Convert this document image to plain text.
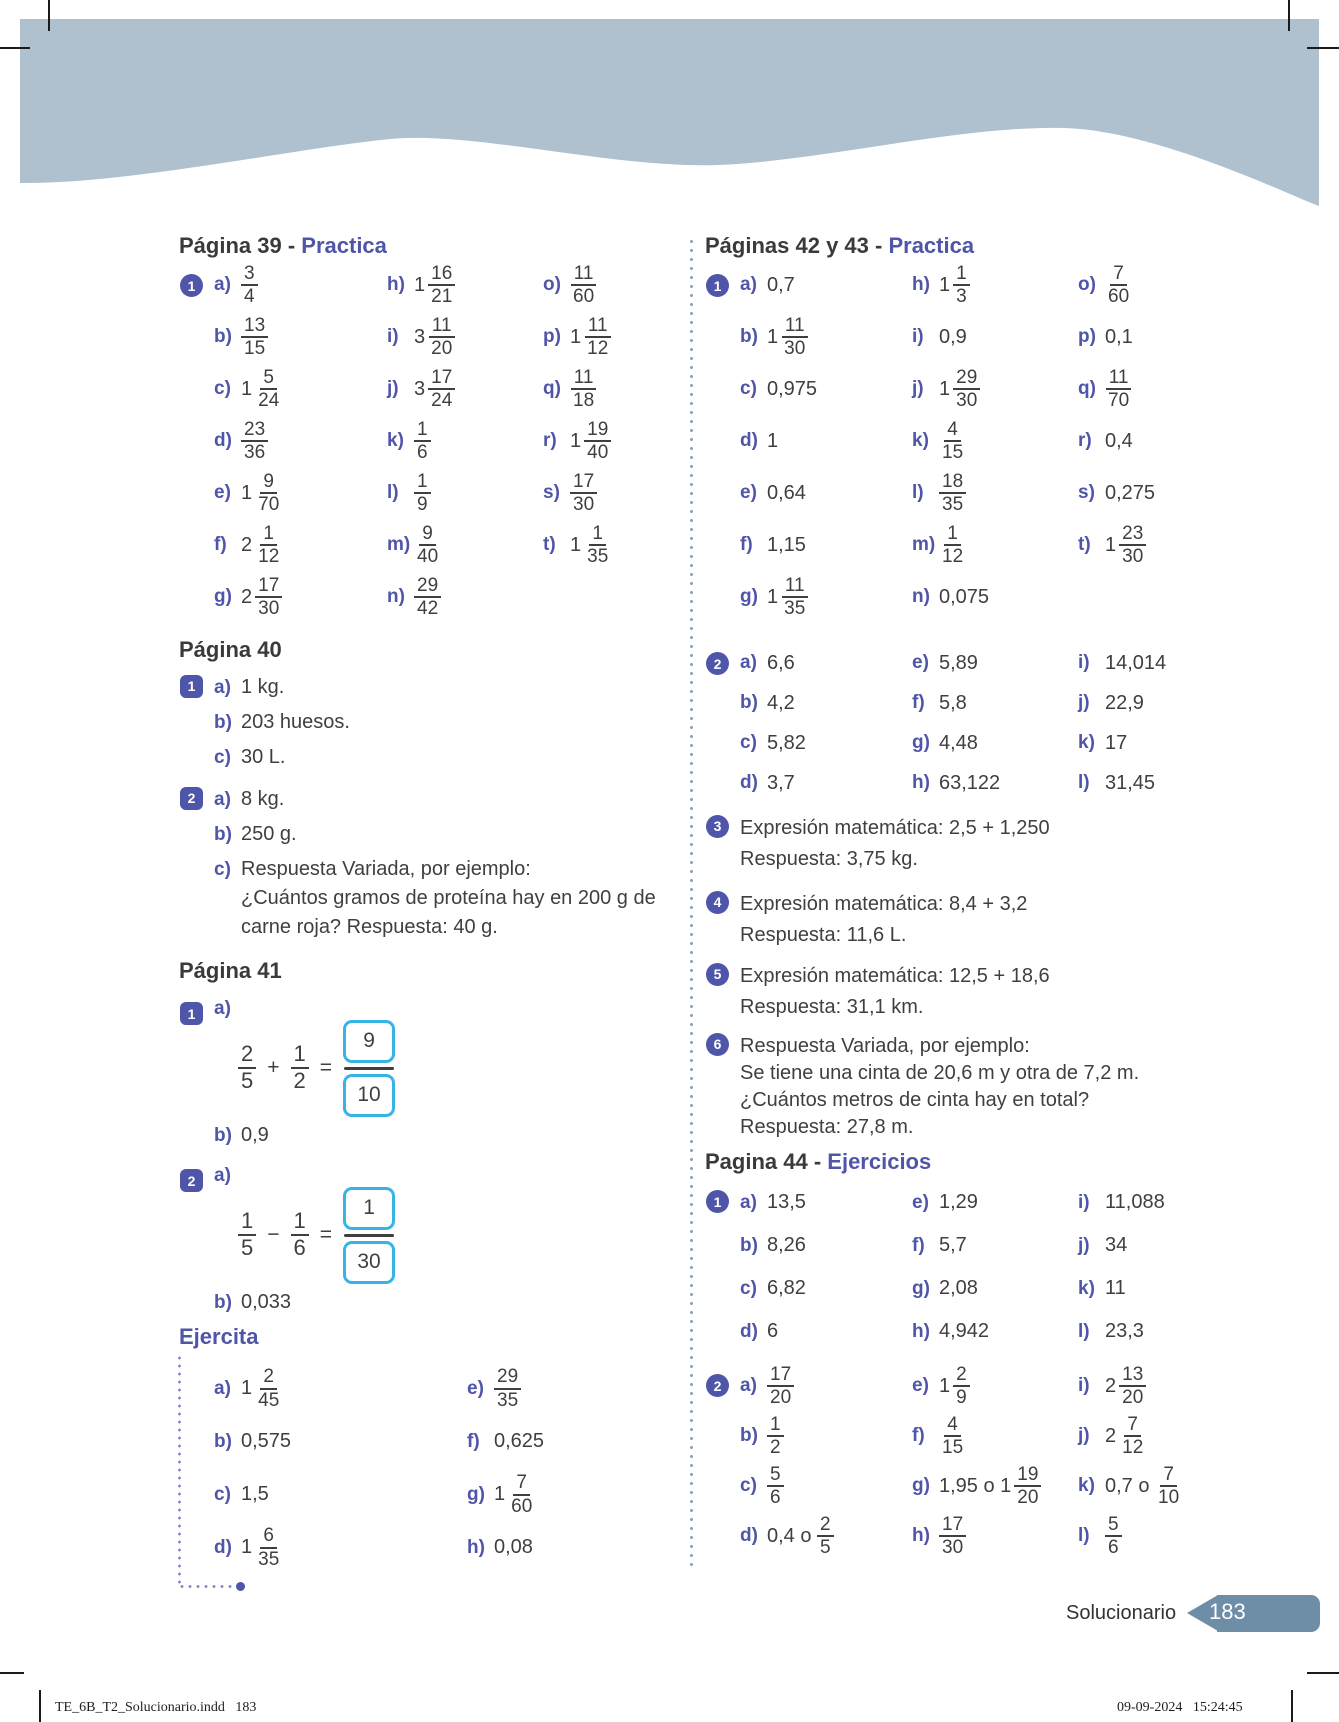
Página 39 - Practica
1 $a) \frac{3}{4}$
$b) \frac{13}{15}$
c) $1 \frac{5}{24}$
$d) \frac{23}{36}$
e) $1 \frac{9}{70}$
f) $2 \frac{1}{12}$
g) $2 \frac{17}{30}$
h) $1 \frac{16}{21}$
i) $3 \frac{11}{20}$
j) $3 \frac{17}{24}$
$k) \frac{1}{6}$
$l) \frac{1}{9}$
$m) \frac{9}{40}$
$n) \frac{29}{42}$
$o) \frac{11}{60}$
p) $1 \frac{11}{12}$
$q) \frac{11}{18}$
r) $1 \frac{19}{40}$
$s) \frac{17}{30}$
t) $1 \frac{1}{35}$
Página 40
1 a) 1 kg.
b) 203 huesos.
c) 30 L.
2 a) 8 kg.
b) 250 g.
c) Respuesta Variada, por ejemplo:
¿Cuántos gramos de proteína hay en 200 g de
carne roja? Respuesta: 40 g.
Página 41
1 a)
$\frac{2}{5} + \frac{1}{2} = \frac{9}{10}$
b) 0,9
2 a)
$\frac{1}{5} - \frac{1}{6} = \frac{1}{30}$
b) 0,033
Ejercita
a) $1 \frac{2}{45}$
b) 0,575
c) 1,5
d) $1 \frac{6}{35}$
$e) \frac{29}{35}$
f) 0,625
g) $1 \frac{7}{60}$
h) 0,08
Páginas 42 y 43 - Practica
1 a) 0,7
b) $1 \frac{11}{30}$
c) 0,975
d) 1
e) 0,64
f) 1,15
g) $1 \frac{11}{35}$
h) $1 \frac{1}{3}$
i) 0,9
j) $1 \frac{29}{30}$
$k) \frac{4}{15}$
$l) \frac{18}{35}$
$m) \frac{1}{12}$
n) 0,075
$o) \frac{7}{60}$
p) 0,1
$q) \frac{11}{70}$
r) 0,4
s) 0,275
t) $1 \frac{23}{30}$
2 a) 6,6
b) 4,2
c) 5,82
d) 3,7
e) 5,89
f) 5,8
g) 4,48
h) 63,122
i) 14,014
j) 22,9
k) 17
l) 31,45
3 Expresión matemática: 2,5 + 1,250
Respuesta: 3,75 kg.
4 Expresión matemática: 8,4 + 3,2
Respuesta: 11,6 L.
5 Expresión matemática: 12,5 + 18,6
Respuesta: 31,1 km.
6 Respuesta Variada, por ejemplo:
Se tiene una cinta de 20,6 m y otra de 7,2 m.
¿Cuántos metros de cinta hay en total?
Respuesta: 27,8 m.
Pagina 44 - Ejercicios
1 a) 13,5
b) 8,26
c) 6,82
d) 6
e) 1,29
f) 5,7
g) 2,08
h) 4,942
i) 11,088
j) 34
k) 11
l) 23,3
2 $a) \frac{17}{20}$
$b) \frac{1}{2}$
$c) \frac{5}{6}$
d) 0,4 o $\frac{2}{5}$
e) $1 \frac{2}{9}$
$f) \frac{4}{15}$
g) 1,95 o $1 \frac{19}{20}$
$h) \frac{17}{30}$
i) $2 \frac{13}{20}$
j) $2 \frac{7}{12}$
k) 0,7 o $\frac{7}{10}$
$l) \frac{5}{6}$
Solucionario 183
TE_6B_T2_Solucionario.indd   183	09-09-2024   15:24:45
